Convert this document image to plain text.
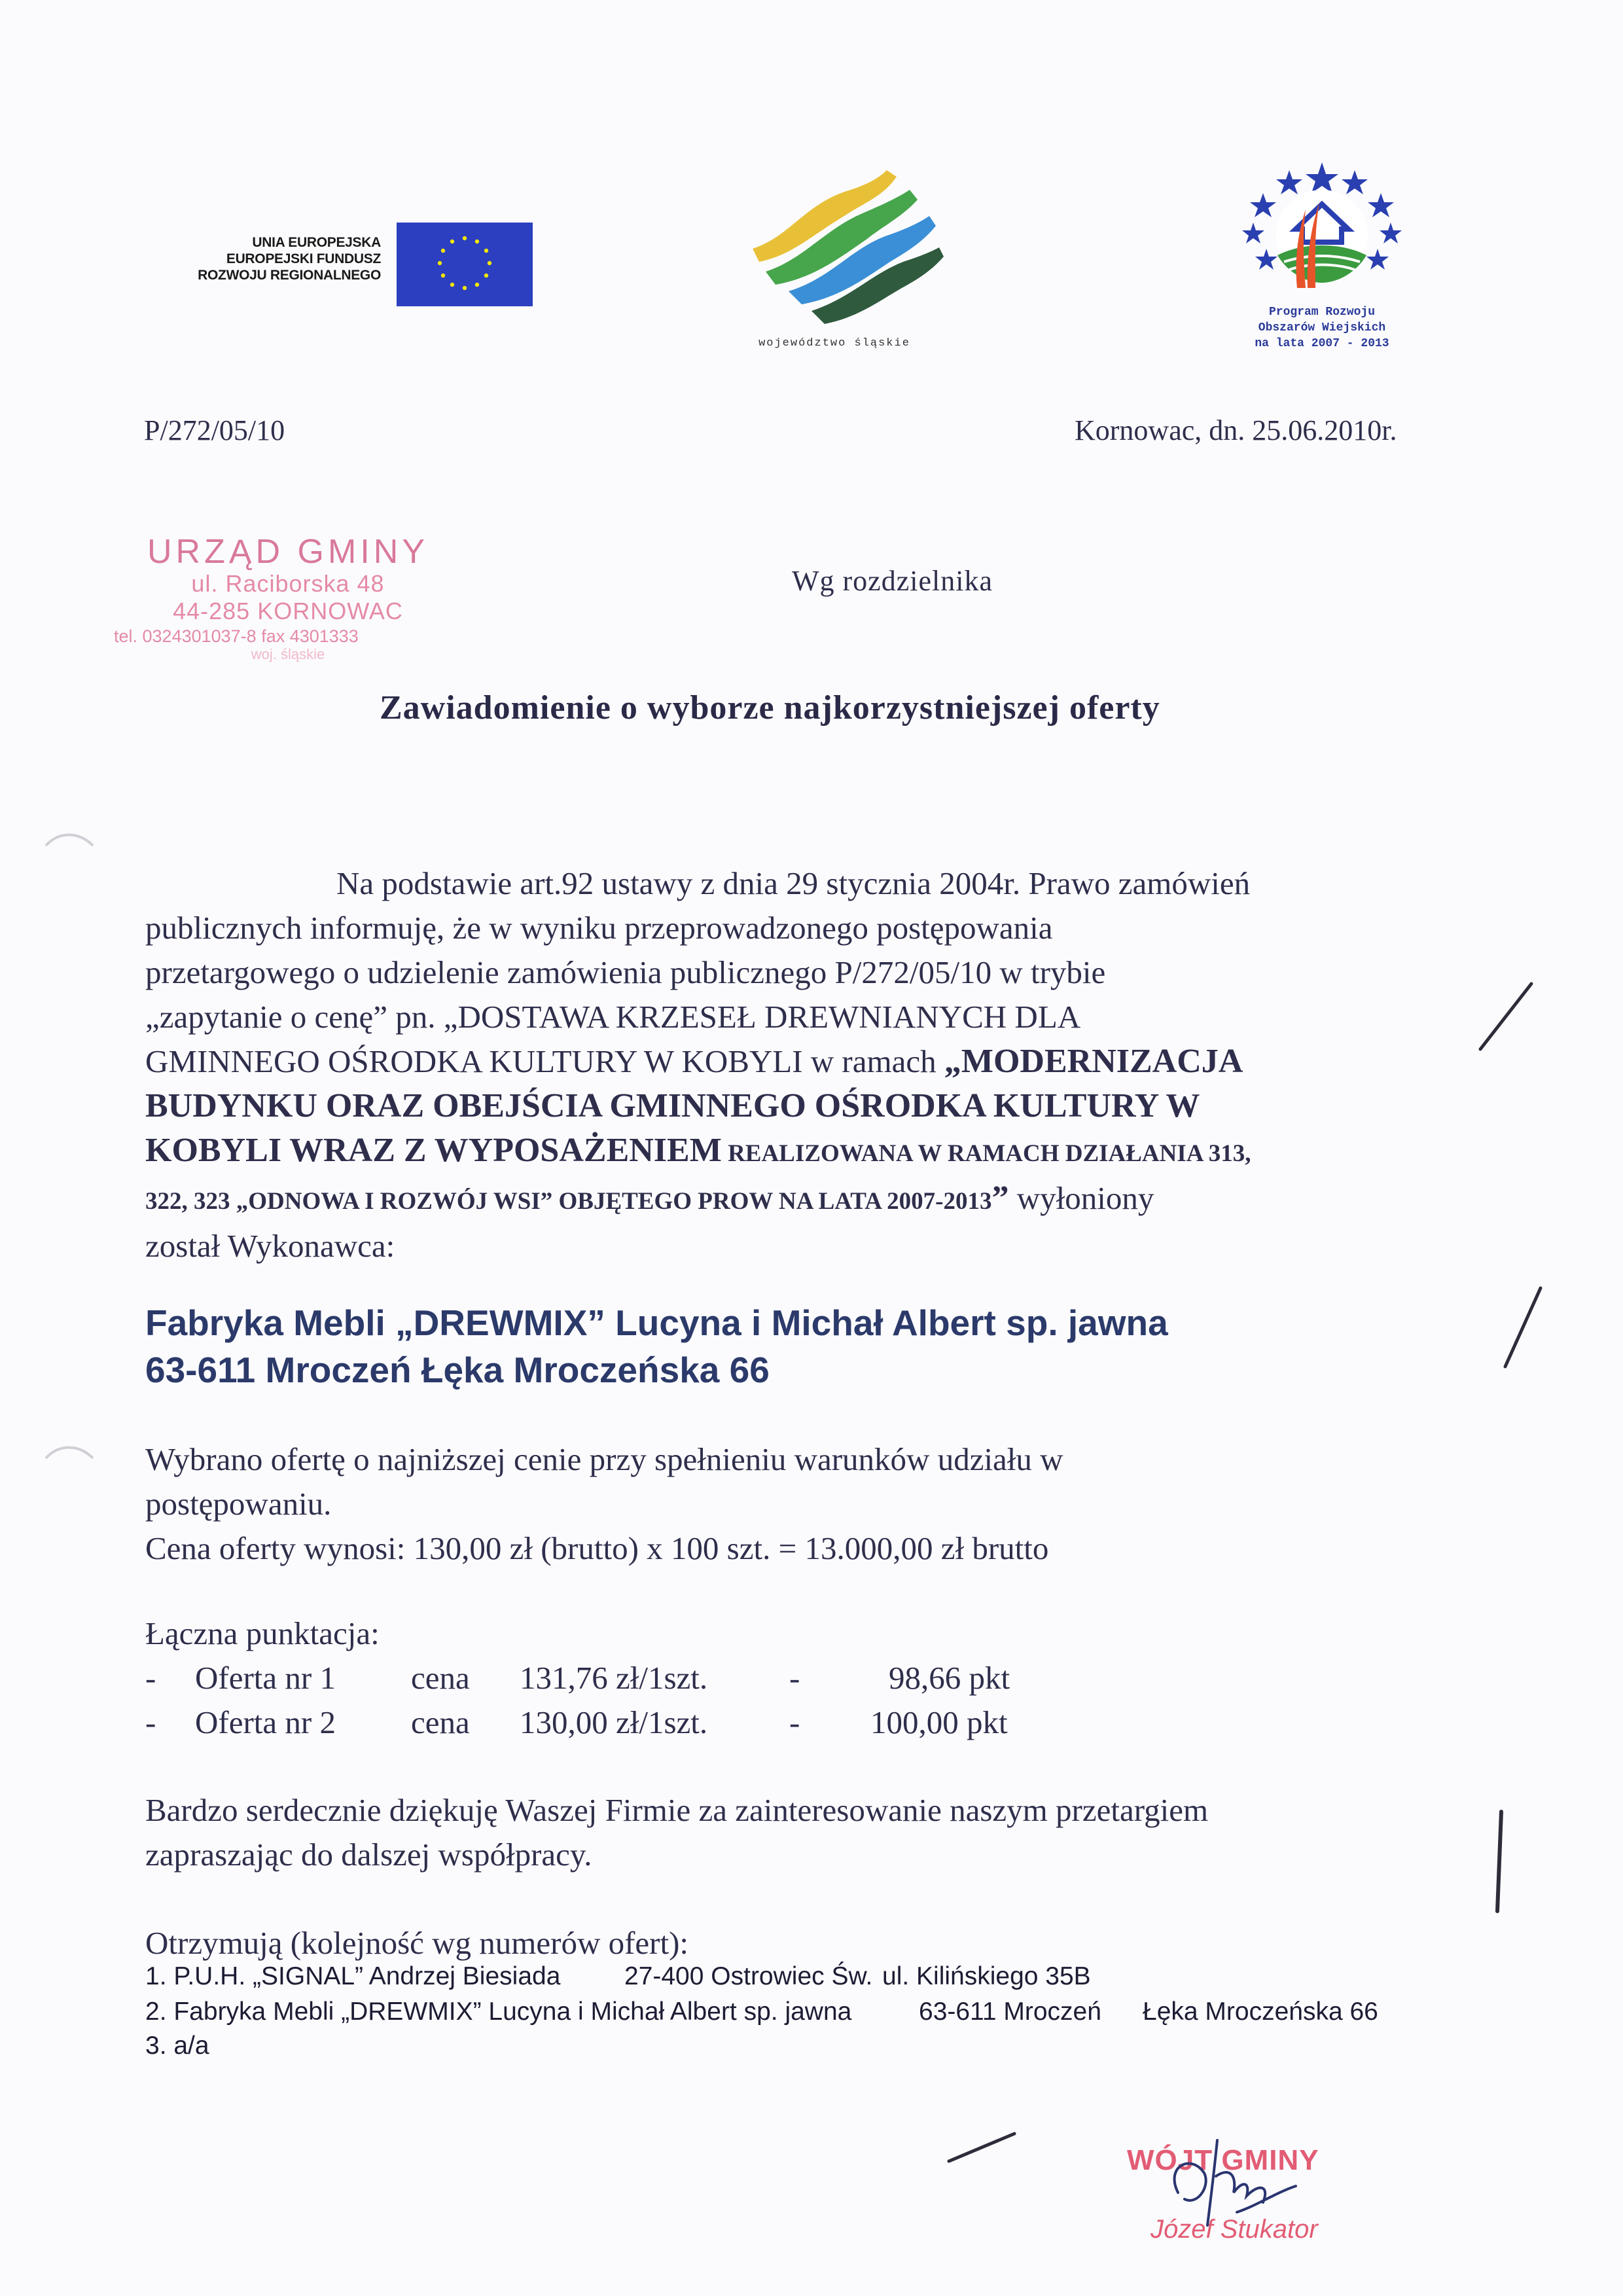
UNIA EUROPEJSKA
EUROPEJSKI FUNDUSZ
ROZWOJU REGIONALNEGO
województwo śląskie
Program Rozwoju
Obszarów Wiejskich
na lata 2007 - 2013
P/272/05/10	Kornowac, dn. 25.06.2010r.
URZĄD GMINY
ul. Raciborska 48
44-285 KORNOWAC
tel. 0324301037-8 fax 4301333
woj. śląskie
Wg rozdzielnika
Zawiadomienie o wyborze najkorzystniejszej oferty
Na podstawie art.92 ustawy z dnia 29 stycznia 2004r. Prawo zamówień
publicznych informuję, że w wyniku przeprowadzonego postępowania
przetargowego o udzielenie zamówienia publicznego P/272/05/10 w trybie
„zapytanie o cenę” pn. „DOSTAWA KRZESEŁ DREWNIANYCH DLA
GMINNEGO OŚRODKA KULTURY W KOBYLI w ramach „MODERNIZACJA
BUDYNKU ORAZ OBEJŚCIA GMINNEGO OŚRODKA KULTURY W
KOBYLI WRAZ Z WYPOSAŻENIEM REALIZOWANA W RAMACH DZIAŁANIA 313,
322, 323 „ODNOWA I ROZWÓJ WSI” OBJĘTEGO PROW NA LATA 2007-2013” wyłoniony
został Wykonawca:
Fabryka Mebli „DREWMIX” Lucyna i Michał Albert sp. jawna
63-611 Mroczeń Łęka Mroczeńska 66
Wybrano ofertę o najniższej cenie przy spełnieniu warunków udziału w
postępowaniu.
Cena oferty wynosi: 130,00 zł (brutto) x 100 szt. = 13.000,00 zł brutto
Łączna punktacja:
- Oferta nr 1 cena 131,76 zł/1szt.	-	98,66 pkt
- Oferta nr 2 cena 130,00 zł/1szt.	- 100,00 pkt
Bardzo serdecznie dziękuję Waszej Firmie za zainteresowanie naszym przetargiem
zapraszając do dalszej współpracy.
Otrzymują (kolejność wg numerów ofert):
1. P.U.H. „SIGNAL” Andrzej Biesiada	27-400 Ostrowiec Św. ul. Kilińskiego 35B
2. Fabryka Mebli „DREWMIX” Lucyna i Michał Albert sp. jawna	63-611 Mroczeń Łęka Mroczeńska 66
3. a/a
WÓJT GMINY
Józef Stukator
